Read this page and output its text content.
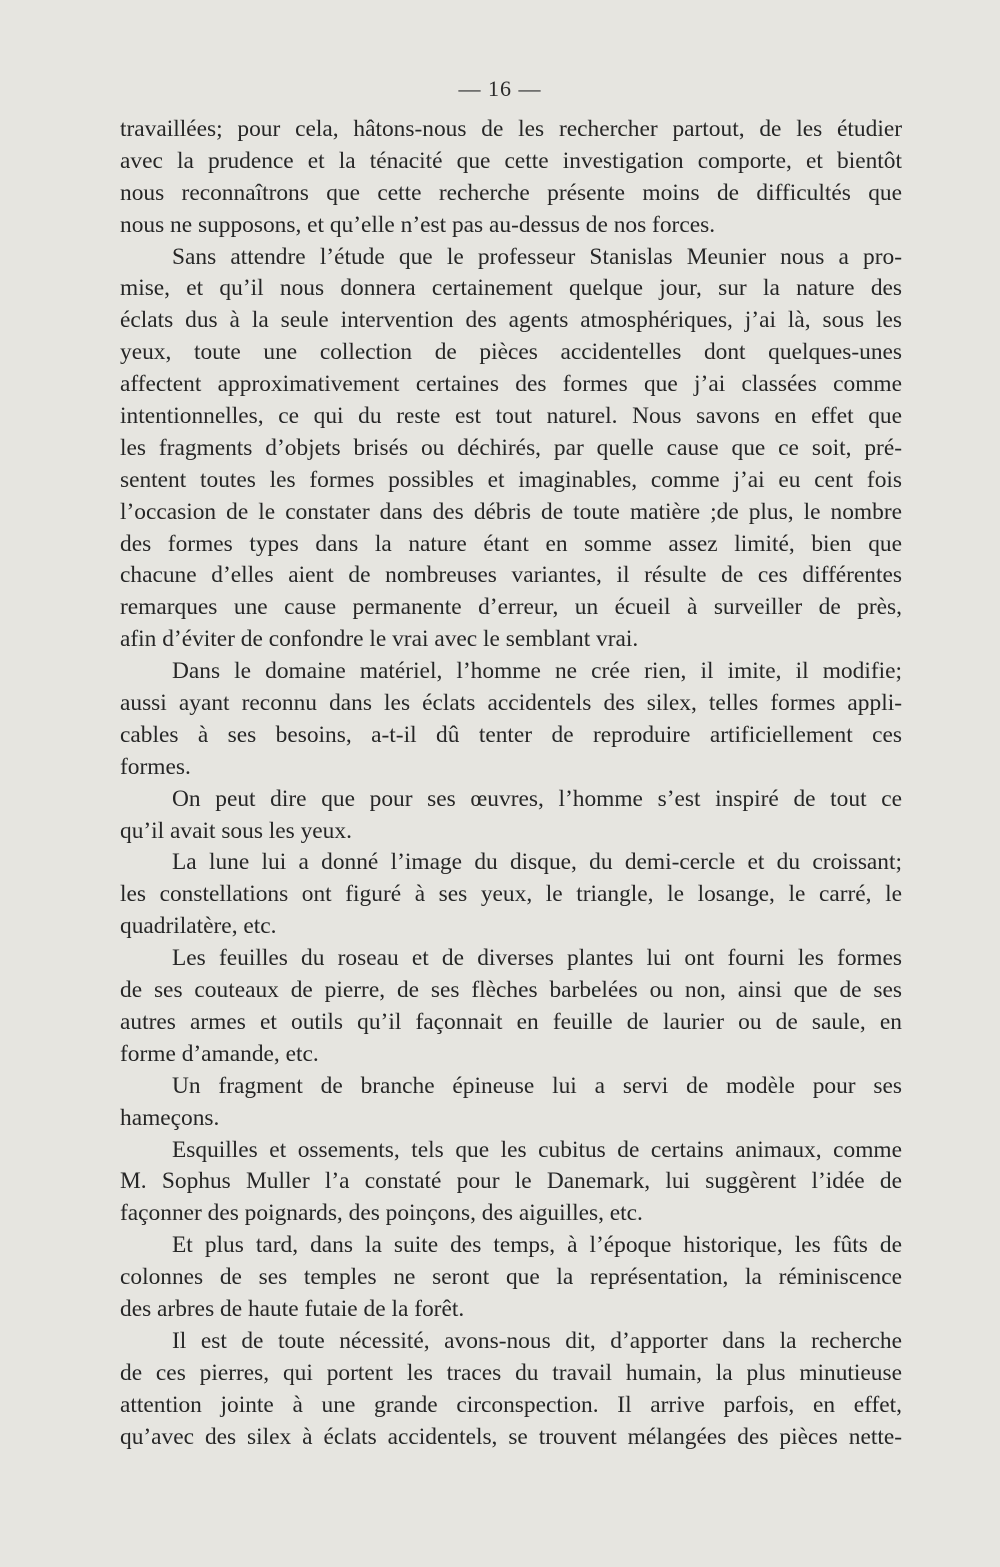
— 16 —
travaillées; pour cela, hâtons-nous de les rechercher partout, de les étudier
avec la prudence et la ténacité que cette investigation comporte, et bientôt
nous reconnaîtrons que cette recherche présente moins de difficultés que
nous ne supposons, et qu’elle n’est pas au-dessus de nos forces.
Sans attendre l’étude que le professeur Stanislas Meunier nous a pro-
mise, et qu’il nous donnera certainement quelque jour, sur la nature des
éclats dus à la seule intervention des agents atmosphériques, j’ai là, sous les
yeux, toute une collection de pièces accidentelles dont quelques-unes
affectent approximativement certaines des formes que j’ai classées comme
intentionnelles, ce qui du reste est tout naturel. Nous savons en effet que
les fragments d’objets brisés ou déchirés, par quelle cause que ce soit, pré-
sentent toutes les formes possibles et imaginables, comme j’ai eu cent fois
l’occasion de le constater dans des débris de toute matière ;de plus, le nombre
des formes types dans la nature étant en somme assez limité, bien que
chacune d’elles aient de nombreuses variantes, il résulte de ces différentes
remarques une cause permanente d’erreur, un écueil à surveiller de près,
afin d’éviter de confondre le vrai avec le semblant vrai.
Dans le domaine matériel, l’homme ne crée rien, il imite, il modifie;
aussi ayant reconnu dans les éclats accidentels des silex, telles formes appli-
cables à ses besoins, a-t-il dû tenter de reproduire artificiellement ces
formes.
On peut dire que pour ses œuvres, l’homme s’est inspiré de tout ce
qu’il avait sous les yeux.
La lune lui a donné l’image du disque, du demi-cercle et du croissant;
les constellations ont figuré à ses yeux, le triangle, le losange, le carré, le
quadrilatère, etc.
Les feuilles du roseau et de diverses plantes lui ont fourni les formes
de ses couteaux de pierre, de ses flèches barbelées ou non, ainsi que de ses
autres armes et outils qu’il façonnait en feuille de laurier ou de saule, en
forme d’amande, etc.
Un fragment de branche épineuse lui a servi de modèle pour ses
hameçons.
Esquilles et ossements, tels que les cubitus de certains animaux, comme
M. Sophus Muller l’a constaté pour le Danemark, lui suggèrent l’idée de
façonner des poignards, des poinçons, des aiguilles, etc.
Et plus tard, dans la suite des temps, à l’époque historique, les fûts de
colonnes de ses temples ne seront que la représentation, la réminiscence
des arbres de haute futaie de la forêt.
Il est de toute nécessité, avons-nous dit, d’apporter dans la recherche
de ces pierres, qui portent les traces du travail humain, la plus minutieuse
attention jointe à une grande circonspection. Il arrive parfois, en effet,
qu’avec des silex à éclats accidentels, se trouvent mélangées des pièces nette-
